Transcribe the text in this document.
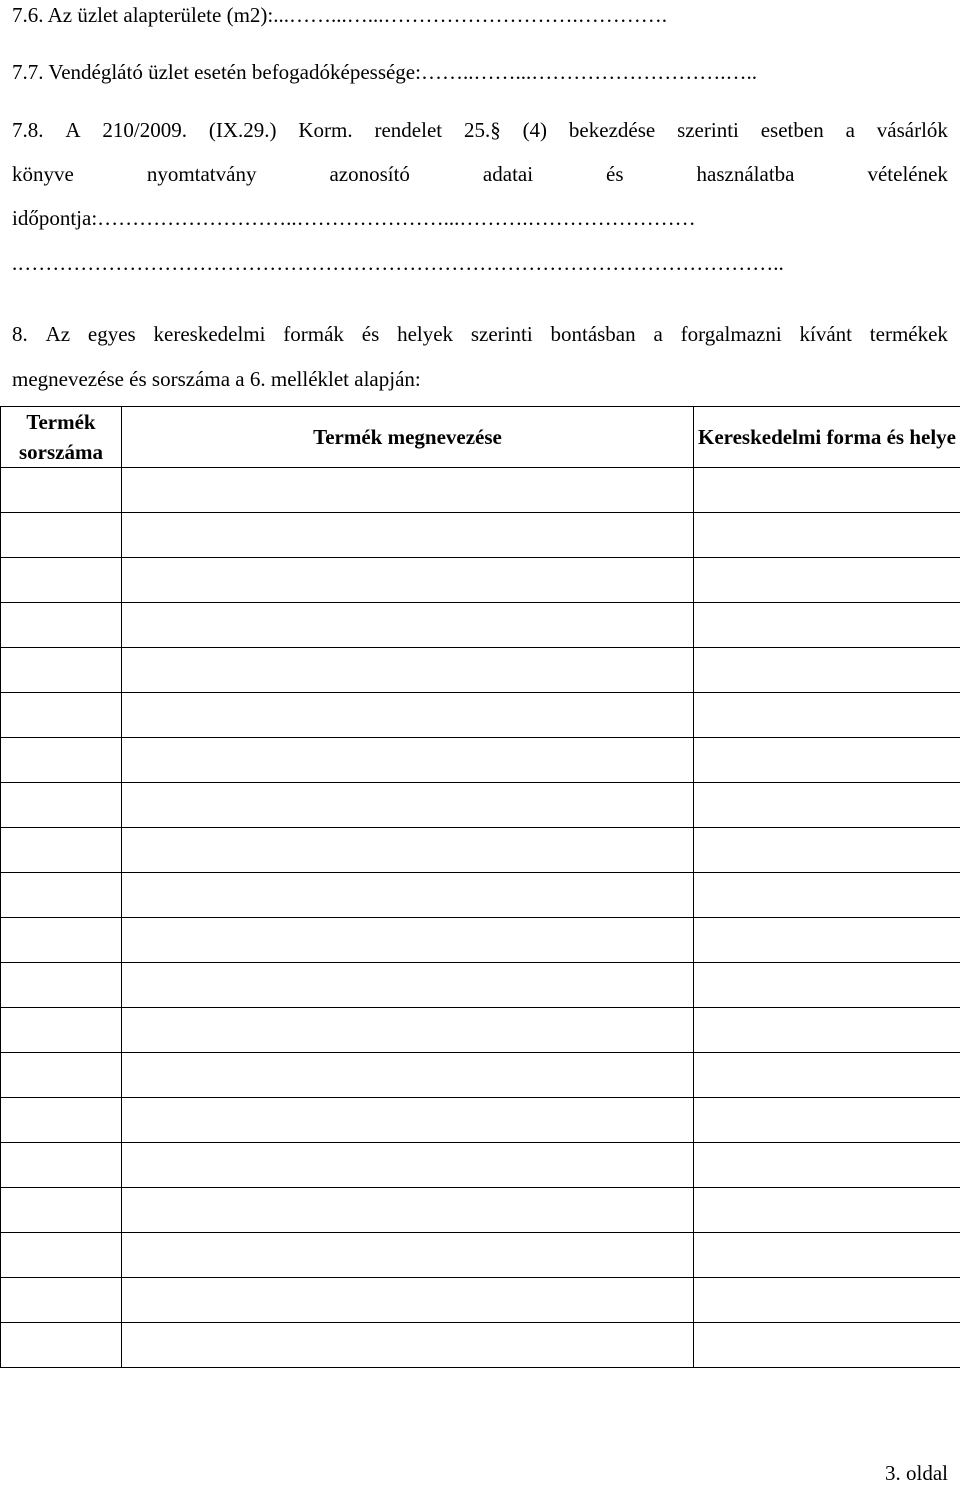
7.6. Az üzlet alapterülete (m2):...……...…...……………………….………….
7.7. Vendéglátó üzlet esetén befogadóképessége:……..……...……………………….…..
7.8. A 210/2009. (IX.29.) Korm. rendelet 25.§ (4) bekezdése szerinti esetben a vásárlók
könyve	nyomtatvány	azonosító	adatai	és	használatba	vételének
időpontja:………………………..…………………...……….……………………
.………………………………………………………………………………………………..
8. Az egyes kereskedelmi formák és helyek szerinti bontásban a forgalmazni kívánt termékek
megnevezése és sorszáma a 6. melléklet alapján:
Termék sorszáma	Termék megnevezése	Kereskedelmi forma és helye

3. oldal
